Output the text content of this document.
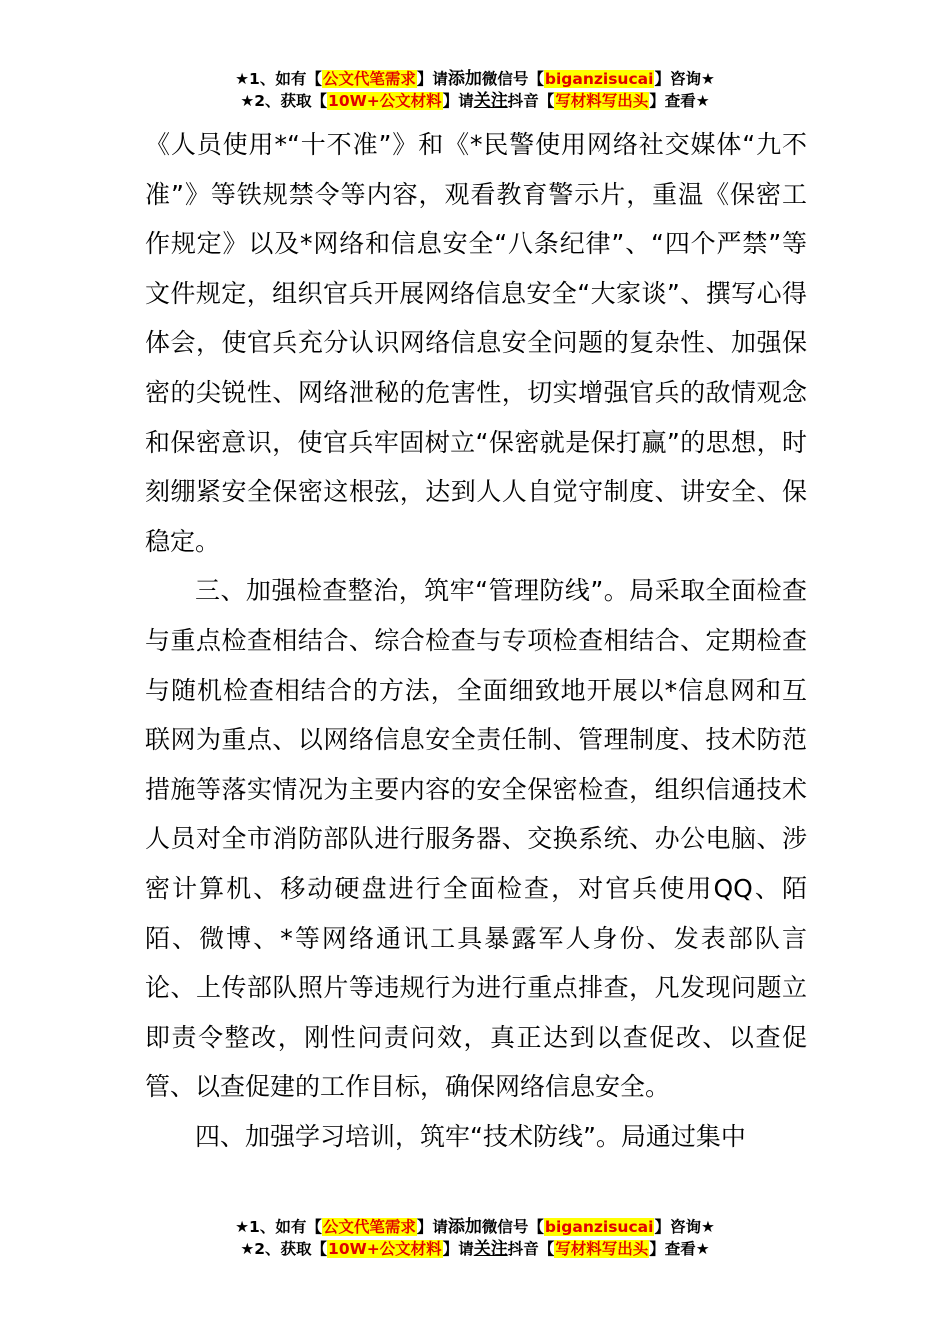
★1、如有【公文代笔需求】请添加微信号【biganzisucai】咨询★
★2、获取【10W+公文材料】请关注抖音【写材料写出头】查看★

《人员使用*“十不准”》和《*民警使用网络社交媒体“九不准”》等铁规禁令等内容，观看教育警示片，重温《保密工作规定》以及*网络和信息安全“八条纪律”、“四个严禁”等文件规定，组织官兵开展网络信息安全“大家谈”、撰写心得体会，使官兵充分认识网络信息安全问题的复杂性、加强保密的尖锐性、网络泄秘的危害性，切实增强官兵的敌情观念和保密意识，使官兵牢固树立“保密就是保打赢”的思想，时刻绷紧安全保密这根弦，达到人人自觉守制度、讲安全、保稳定。

三、加强检查整治，筑牢“管理防线”。局采取全面检查与重点检查相结合、综合检查与专项检查相结合、定期检查与随机检查相结合的方法，全面细致地开展以*信息网和互联网为重点、以网络信息安全责任制、管理制度、技术防范措施等落实情况为主要内容的安全保密检查，组织信通技术人员对全市消防部队进行服务器、交换系统、办公电脑、涉密计算机、移动硬盘进行全面检查，对官兵使用QQ、陌陌、微博、*等网络通讯工具暴露军人身份、发表部队言论、上传部队照片等违规行为进行重点排查，凡发现问题立即责令整改，刚性问责问效，真正达到以查促改、以查促管、以查促建的工作目标，确保网络信息安全。

四、加强学习培训，筑牢“技术防线”。局通过集中

★1、如有【公文代笔需求】请添加微信号【biganzisucai】咨询★
★2、获取【10W+公文材料】请关注抖音【写材料写出头】查看★
